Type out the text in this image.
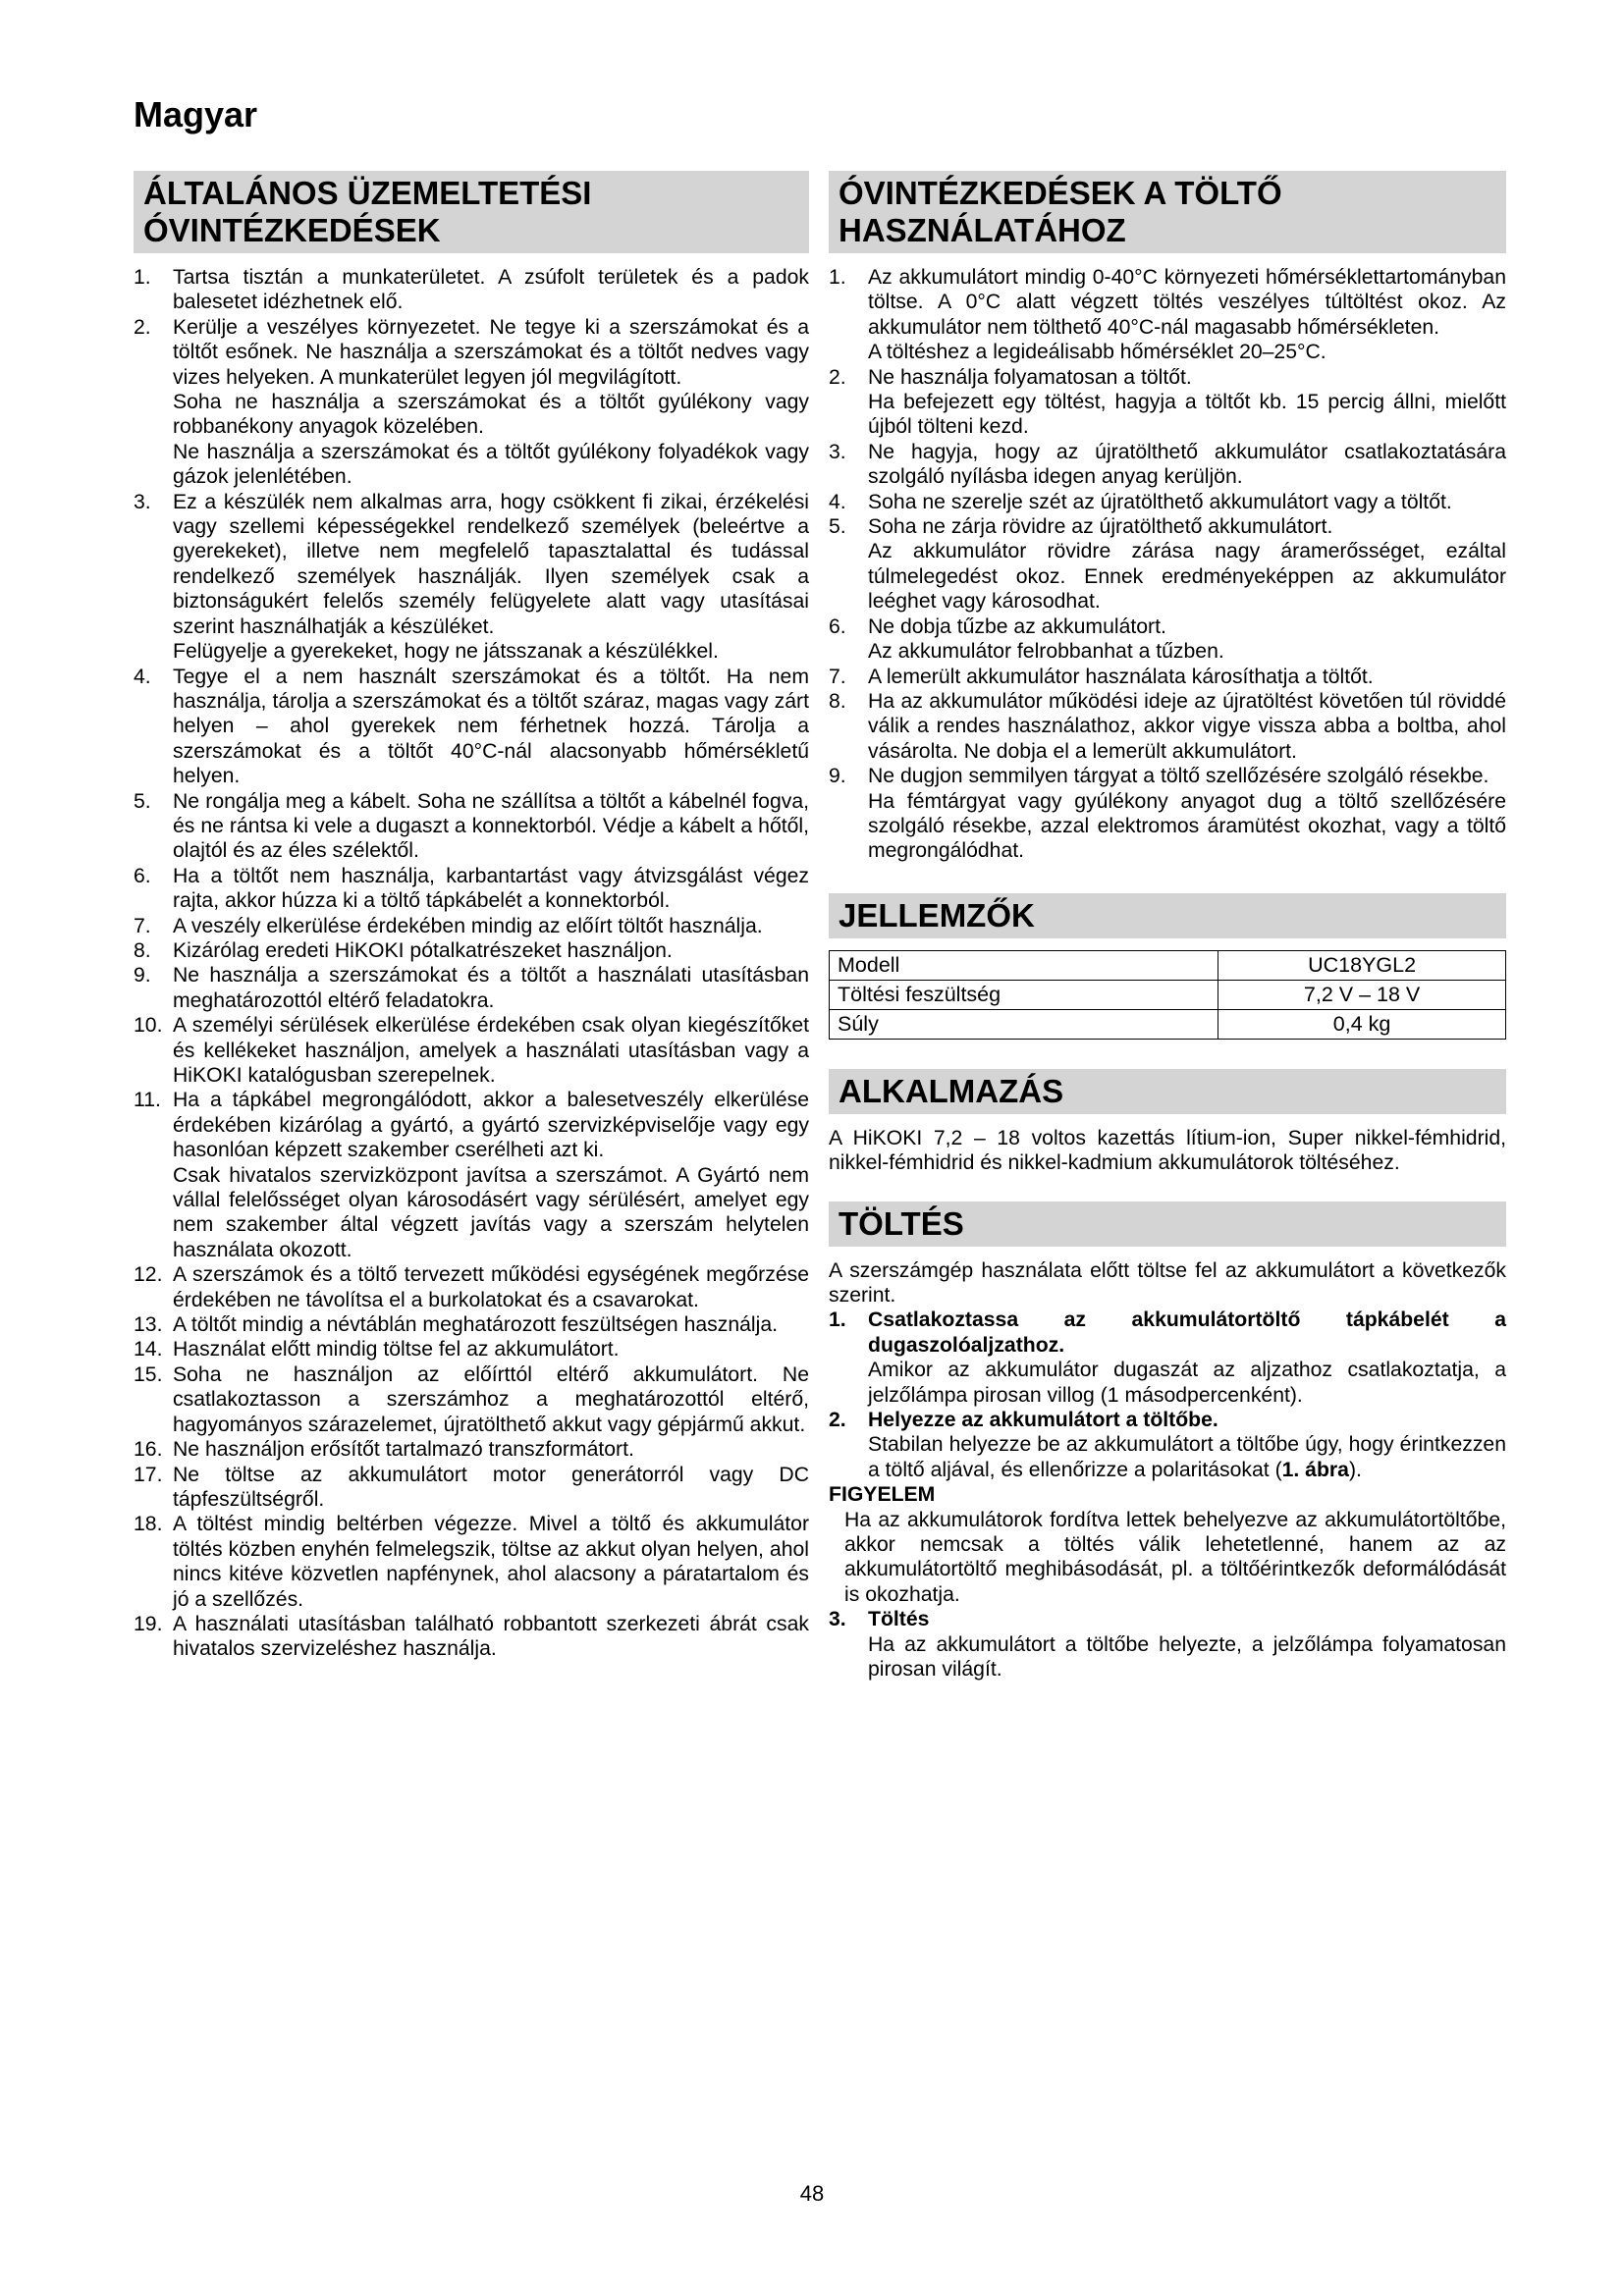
Magyar
ÁLTALÁNOS ÜZEMELTETÉSI ÓVINTÉZKEDÉSEK
1.	Tartsa tisztán a munkaterületet. A zsúfolt területek és a padok balesetet idézhetnek elő.
2.	Kerülje a veszélyes környezetet. Ne tegye ki a szerszámokat és a töltőt esőnek. Ne használja a szerszámokat és a töltőt nedves vagy vizes helyeken. A munkaterület legyen jól megvilágított.
Soha ne használja a szerszámokat és a töltőt gyúlékony vagy robbanékony anyagok közelében.
Ne használja a szerszámokat és a töltőt gyúlékony folyadékok vagy gázok jelenlétében.
3.	Ez a készülék nem alkalmas arra, hogy csökkent fi zikai, érzékelési vagy szellemi képességekkel rendelkező személyek (beleértve a gyerekeket), illetve nem megfelelő tapasztalattal és tudással rendelkező személyek használják. Ilyen személyek csak a biztonságukért felelős személy felügyelete alatt vagy utasításai szerint használhatják a készüléket.
Felügyelje a gyerekeket, hogy ne játsszanak a készülékkel.
4.	Tegye el a nem használt szerszámokat és a töltőt. Ha nem használja, tárolja a szerszámokat és a töltőt száraz, magas vagy zárt helyen – ahol gyerekek nem férhetnek hozzá. Tárolja a szerszámokat és a töltőt 40°C-nál alacsonyabb hőmérsékletű helyen.
5.	Ne rongálja meg a kábelt. Soha ne szállítsa a töltőt a kábelnél fogva, és ne rántsa ki vele a dugaszt a konnektorból. Védje a kábelt a hőtől, olajtól és az éles szélektől.
6.	Ha a töltőt nem használja, karbantartást vagy átvizsgálást végez rajta, akkor húzza ki a töltő tápkábelét a konnektorból.
7.	A veszély elkerülése érdekében mindig az előírt töltőt használja.
8.	Kizárólag eredeti HiKOKI pótalkatrészeket használjon.
9.	Ne használja a szerszámokat és a töltőt a használati utasításban meghatározottól eltérő feladatokra.
10. A személyi sérülések elkerülése érdekében csak olyan kiegészítőket és kellékeket használjon, amelyek a használati utasításban vagy a HiKOKI katalógusban szerepelnek.
11. Ha a tápkábel megrongálódott, akkor a balesetveszély elkerülése érdekében kizárólag a gyártó, a gyártó szervizképviselője vagy egy hasonlóan képzett szakember cserélheti azt ki.
Csak hivatalos szervizközpont javítsa a szerszámot. A Gyártó nem vállal felelősséget olyan károsodásért vagy sérülésért, amelyet egy nem szakember által végzett javítás vagy a szerszám helytelen használata okozott.
12. A szerszámok és a töltő tervezett működési egységének megőrzése érdekében ne távolítsa el a burkolatokat és a csavarokat.
13. A töltőt mindig a névtáblán meghatározott feszültségen használja.
14. Használat előtt mindig töltse fel az akkumulátort.
15. Soha ne használjon az előírttól eltérő akkumulátort. Ne csatlakoztasson a szerszámhoz a meghatározottól eltérő, hagyományos szárazelemet, újratölthető akkut vagy gépjármű akkut.
16. Ne használjon erősítőt tartalmazó transzformátort.
17. Ne töltse az akkumulátort motor generátorról vagy DC tápfeszültségről.
18. A töltést mindig beltérben végezze. Mivel a töltő és akkumulátor töltés közben enyhén felmelegszik, töltse az akkut olyan helyen, ahol nincs kitéve közvetlen napfénynek, ahol alacsony a páratartalom és jó a szellőzés.
19. A használati utasításban található robbantott szerkezeti ábrát csak hivatalos szervizeléshez használja.
ÓVINTÉZKEDÉSEK A TÖLTŐ HASZNÁLATÁHOZ
1.	Az akkumulátort mindig 0-40°C környezeti hőmérséklettartományban töltse. A 0°C alatt végzett töltés veszélyes túltöltést okoz. Az akkumulátor nem tölthető 40°C-nál magasabb hőmérsékleten.
A töltéshez a legideálisabb hőmérséklet 20–25°C.
2.	Ne használja folyamatosan a töltőt.
Ha befejezett egy töltést, hagyja a töltőt kb. 15 percig állni, mielőtt újból tölteni kezd.
3.	Ne hagyja, hogy az újratölthető akkumulátor csatlakoztatására szolgáló nyílásba idegen anyag kerüljön.
4.	Soha ne szerelje szét az újratölthető akkumulátort vagy a töltőt.
5.	Soha ne zárja rövidre az újratölthető akkumulátort.
Az akkumulátor rövidre zárása nagy áramerősséget, ezáltal túlmelegedést okoz. Ennek eredményeképpen az akkumulátor leéghet vagy károsodhat.
6.	Ne dobja tűzbe az akkumulátort.
Az akkumulátor felrobbanhat a tűzben.
7.	A lemerült akkumulátor használata károsíthatja a töltőt.
8.	Ha az akkumulátor működési ideje az újratöltést követően túl röviddé válik a rendes használathoz, akkor vigye vissza abba a boltba, ahol vásárolta. Ne dobja el a lemerült akkumulátort.
9.	Ne dugjon semmilyen tárgyat a töltő szellőzésére szolgáló résekbe.
Ha fémtárgyat vagy gyúlékony anyagot dug a töltő szellőzésére szolgáló résekbe, azzal elektromos áramütést okozhat, vagy a töltő megrongálódhat.
JELLEMZŐK
Modell	UC18YGL2
Töltési feszültség	7,2 V – 18 V
Súly	0,4 kg
ALKALMAZÁS
A HiKOKI 7,2 – 18 voltos kazettás lítium-ion, Super nikkel-fémhidrid, nikkel-fémhidrid és nikkel-kadmium akkumulátorok töltéséhez.
TÖLTÉS
A szerszámgép használata előtt töltse fel az akkumulátort a következők szerint.
1.	Csatlakoztassa az akkumulátortöltő tápkábelét a dugaszolóaljzathoz.
Amikor az akkumulátor dugaszát az aljzathoz csatlakoztatja, a jelzőlámpa pirosan villog (1 másodpercenként).
2.	Helyezze az akkumulátort a töltőbe.
Stabilan helyezze be az akkumulátort a töltőbe úgy, hogy érintkezzen a töltő aljával, és ellenőrizze a polaritásokat (1. ábra).
FIGYELEM
Ha az akkumulátorok fordítva lettek behelyezve az akkumulátortöltőbe, akkor nemcsak a töltés válik lehetetlenné, hanem az az akkumulátortöltő meghibásodását, pl. a töltőérintkezők deformálódását is okozhatja.
3.	Töltés
Ha az akkumulátort a töltőbe helyezte, a jelzőlámpa folyamatosan pirosan világít.
48
